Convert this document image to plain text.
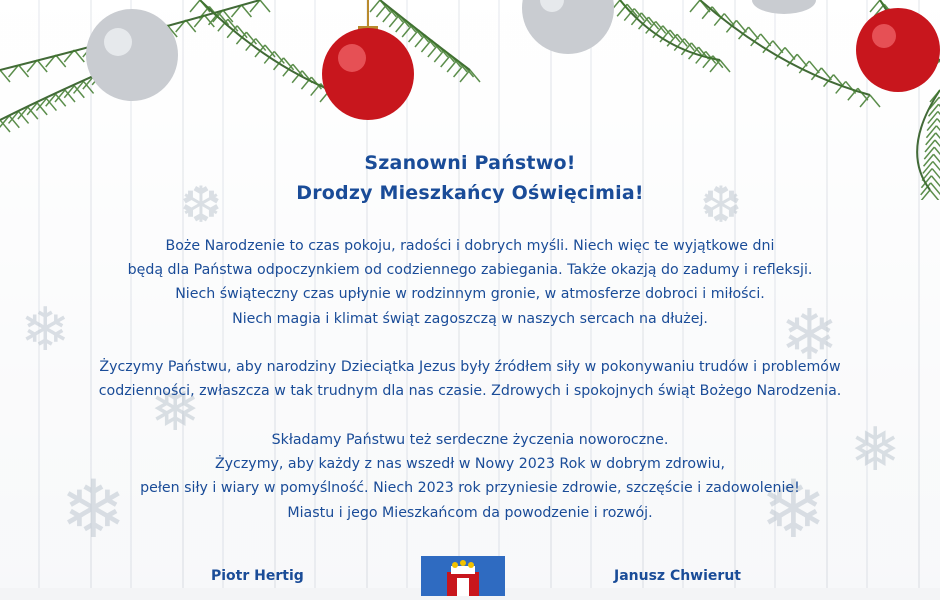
❄
❄
❅
❄
❅
❄
❆	❆
Szanowni Państwo!
Drodzy Mieszkańcy Oświęcimia!
Boże Narodzenie to czas pokoju, radości i dobrych myśli. Niech więc te wyjątkowe dni
będą dla Państwa odpoczynkiem od codziennego zabiegania. Także okazją do zadumy i refleksji.
Niech świąteczny czas upłynie w rodzinnym gronie, w atmosferze dobroci i miłości.
Niech magia i klimat świąt zagoszczą w naszych sercach na dłużej.
Życzymy Państwu, aby narodziny Dzieciątka Jezus były źródłem siły w pokonywaniu trudów i problemów
codzienności, zwłaszcza w tak trudnym dla nas czasie. Zdrowych i spokojnych świąt Bożego Narodzenia.
Składamy Państwu też serdeczne życzenia noworoczne.
Życzymy, aby każdy z nas wszedł w Nowy 2023 Rok w dobrym zdrowiu,
pełen siły i wiary w pomyślność. Niech 2023 rok przyniesie zdrowie, szczęście i zadowolenie!
Miastu i jego Mieszkańcom da powodzenie i rozwój.
Piotr Hertig	Janusz Chwierut
